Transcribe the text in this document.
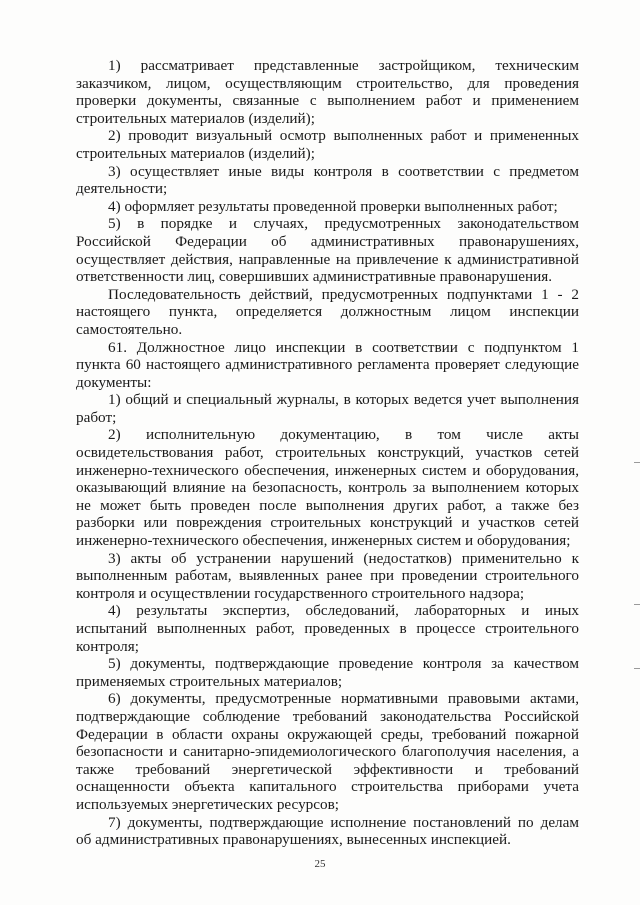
1) рассматривает представленные застройщиком, техническим заказчиком, лицом, осуществляющим строительство, для проведения проверки документы, связанные с выполнением работ и применением строительных материалов (изделий);

2) проводит визуальный осмотр выполненных работ и примененных строительных материалов (изделий);

3) осуществляет иные виды контроля в соответствии с предметом деятельности;

4) оформляет результаты проведенной проверки выполненных работ;

5) в порядке и случаях, предусмотренных законодательством Российской Федерации об административных правонарушениях, осуществляет действия, направленные на привлечение к административной ответственности лиц, совершивших административные правонарушения.

Последовательность действий, предусмотренных подпунктами 1 - 2 настоящего пункта, определяется должностным лицом инспекции самостоятельно.

61. Должностное лицо инспекции в соответствии с подпунктом 1 пункта 60 настоящего административного регламента проверяет следующие документы:

1) общий и специальный журналы, в которых ведется учет выполнения работ;

2) исполнительную документацию, в том числе акты освидетельствования работ, строительных конструкций, участков сетей инженерно-технического обеспечения, инженерных систем и оборудования, оказывающий влияние на безопасность, контроль за выполнением которых не может быть проведен после выполнения других работ, а также без разборки или повреждения строительных конструкций и участков сетей инженерно-технического обеспечения, инженерных систем и оборудования;

3) акты об устранении нарушений (недостатков) применительно к выполненным работам, выявленных ранее при проведении строительного контроля и осуществлении государственного строительного надзора;

4) результаты экспертиз, обследований, лабораторных и иных испытаний выполненных работ, проведенных в процессе строительного контроля;

5) документы, подтверждающие проведение контроля за качеством применяемых строительных материалов;

6) документы, предусмотренные нормативными правовыми актами, подтверждающие соблюдение требований законодательства Российской Федерации в области охраны окружающей среды, требований пожарной безопасности и санитарно-эпидемиологического благополучия населения, а также требований энергетической эффективности и требований оснащенности объекта капитального строительства приборами учета используемых энергетических ресурсов;

7) документы, подтверждающие исполнение постановлений по делам об административных правонарушениях, вынесенных инспекцией.

25
